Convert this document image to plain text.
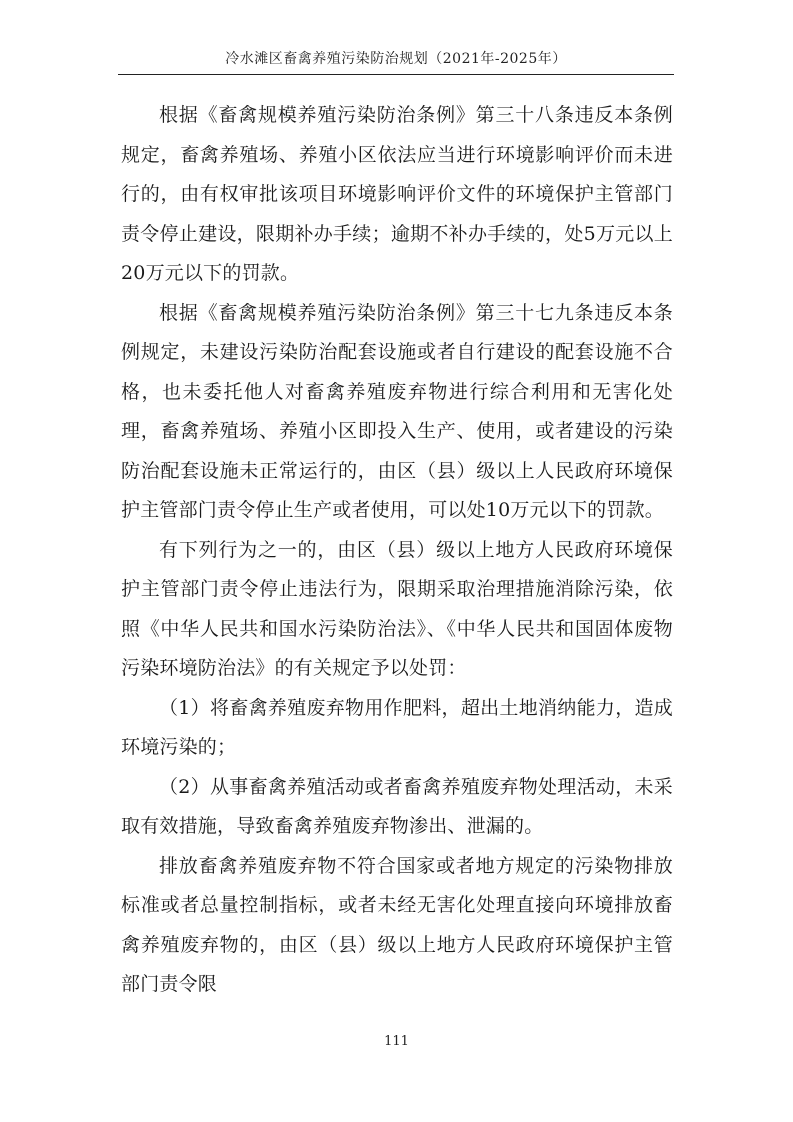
冷水滩区畜禽养殖污染防治规划（2021年-2025年）

根据《畜禽规模养殖污染防治条例》第三十八条违反本条例规定，畜禽养殖场、养殖小区依法应当进行环境影响评价而未进行的，由有权审批该项目环境影响评价文件的环境保护主管部门责令停止建设，限期补办手续；逾期不补办手续的，处5万元以上20万元以下的罚款。

根据《畜禽规模养殖污染防治条例》第三十七九条违反本条例规定，未建设污染防治配套设施或者自行建设的配套设施不合格，也未委托他人对畜禽养殖废弃物进行综合利用和无害化处理，畜禽养殖场、养殖小区即投入生产、使用，或者建设的污染防治配套设施未正常运行的，由区（县）级以上人民政府环境保护主管部门责令停止生产或者使用，可以处10万元以下的罚款。

有下列行为之一的，由区（县）级以上地方人民政府环境保护主管部门责令停止违法行为，限期采取治理措施消除污染，依照《中华人民共和国水污染防治法》、《中华人民共和国固体废物污染环境防治法》的有关规定予以处罚：

（1）将畜禽养殖废弃物用作肥料，超出土地消纳能力，造成环境污染的；

（2）从事畜禽养殖活动或者畜禽养殖废弃物处理活动，未采取有效措施，导致畜禽养殖废弃物渗出、泄漏的。

排放畜禽养殖废弃物不符合国家或者地方规定的污染物排放标准或者总量控制指标，或者未经无害化处理直接向环境排放畜禽养殖废弃物的，由区（县）级以上地方人民政府环境保护主管部门责令限

111
